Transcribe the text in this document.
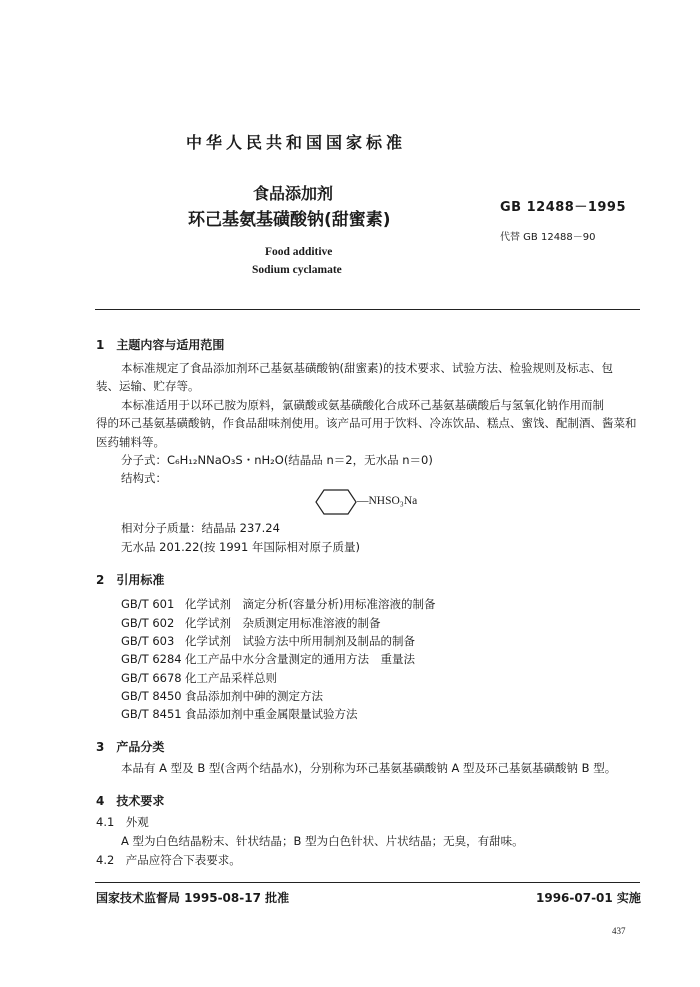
中华人民共和国国家标准
食品添加剂
环己基氨基磺酸钠(甜蜜素)
Food additive
Sodium cyclamate
GB 12488－1995
代替 GB 12488－90
1　主题内容与适用范围
本标准规定了食品添加剂环己基氨基磺酸钠(甜蜜素)的技术要求、试验方法、检验规则及标志、包
装、运输、贮存等。
本标准适用于以环己胺为原料，氯磺酸或氨基磺酸化合成环己基氨基磺酸后与氢氧化钠作用而制
得的环己基氨基磺酸钠，作食品甜味剂使用。该产品可用于饮料、冷冻饮品、糕点、蜜饯、配制酒、酱菜和
医药辅料等。
分子式：C₆H₁₂NNaO₃S・nH₂O(结晶品 n＝2，无水品 n＝0)
结构式：
—NHSO₃Na
相对分子质量：结晶品 237.24
无水品 201.22(按 1991 年国际相对原子质量)
2　引用标准
GB/T 601 化学试剂　滴定分析(容量分析)用标准溶液的制备
GB/T 602 化学试剂　杂质测定用标准溶液的制备
GB/T 603 化学试剂　试验方法中所用制剂及制品的制备
GB/T 6284 化工产品中水分含量测定的通用方法　重量法
GB/T 6678 化工产品采样总则
GB/T 8450 食品添加剂中砷的测定方法
GB/T 8451 食品添加剂中重金属限量试验方法
3　产品分类
本品有 A 型及 B 型(含两个结晶水)，分别称为环己基氨基磺酸钠 A 型及环己基氨基磺酸钠 B 型。
4　技术要求
4.1　外观
A 型为白色结晶粉末、针状结晶；B 型为白色针状、片状结晶；无臭，有甜味。
4.2　产品应符合下表要求。
国家技术监督局 1995-08-17 批准	1996-07-01 实施
437
